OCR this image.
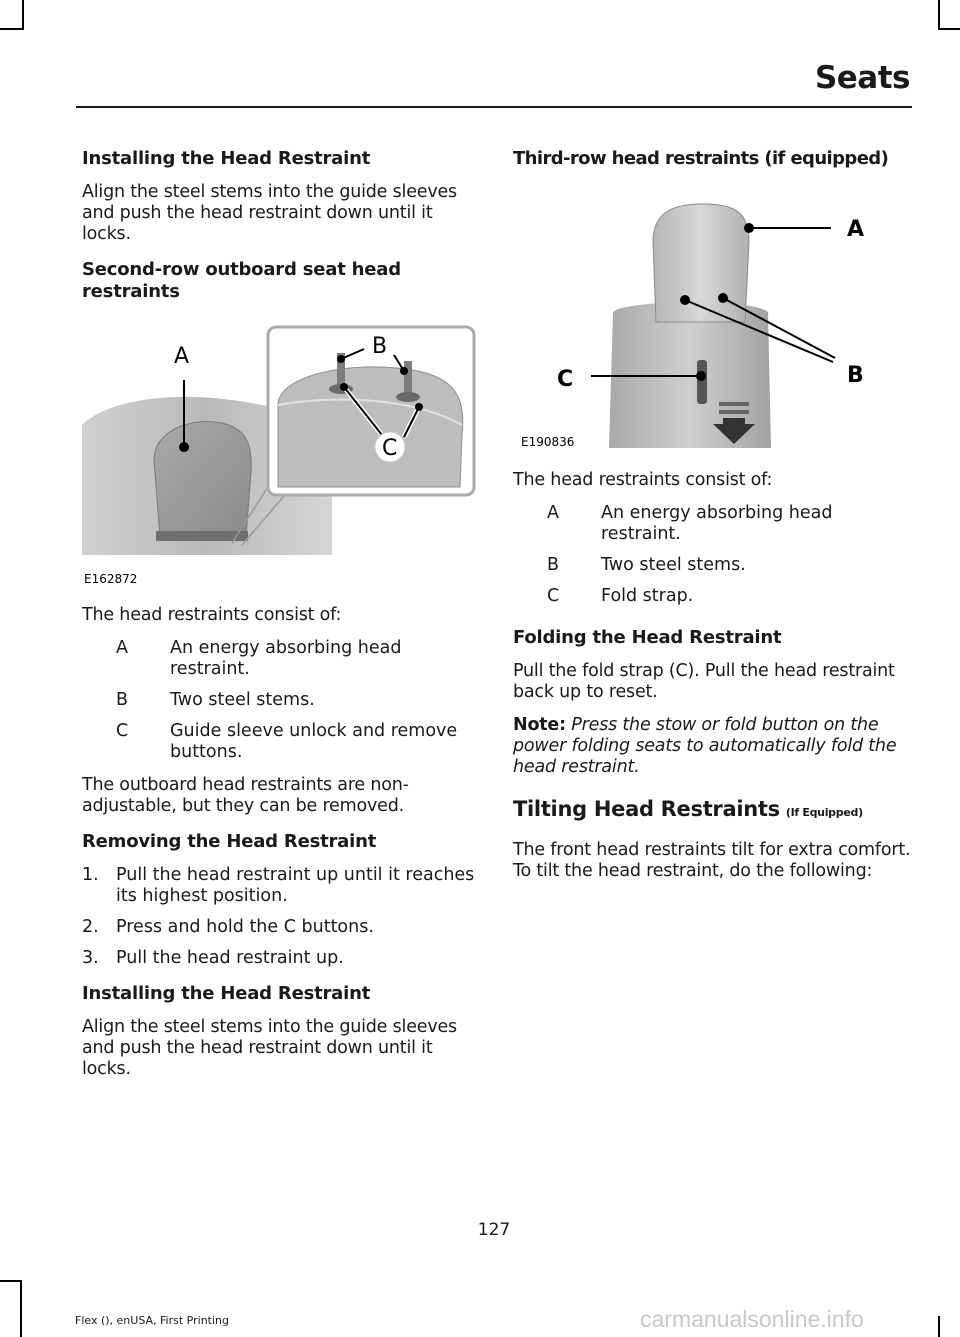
Seats
Installing the Head Restraint

Align the steel stems into the guide sleeves and push the head restraint down until it locks.

Second-row outboard seat head restraints
A	B
C
E162872

The head restraints consist of:

A	An energy absorbing head restraint.
B	Two steel stems.
C	Guide sleeve unlock and remove buttons.

The outboard head restraints are non-adjustable, but they can be removed.

Removing the Head Restraint
1. Pull the head restraint up until it reaches its highest position.
2. Press and hold the C buttons.
3. Pull the head restraint up.
Installing the Head Restraint

Align the steel stems into the guide sleeves and push the head restraint down until it locks.

Third-row head restraints (if equipped)
A
B
C
E190836

The head restraints consist of:

A	An energy absorbing head restraint.
B	Two steel stems.
C	Fold strap.
Folding the Head Restraint

Pull the fold strap (C). Pull the head restraint back up to reset.

Note: Press the stow or fold button on the power folding seats to automatically fold the head restraint.

Tilting Head Restraints (If Equipped)

The front head restraints tilt for extra comfort. To tilt the head restraint, do the following:

127
Flex (), enUSA, First Printing	carmanualsonline.info
